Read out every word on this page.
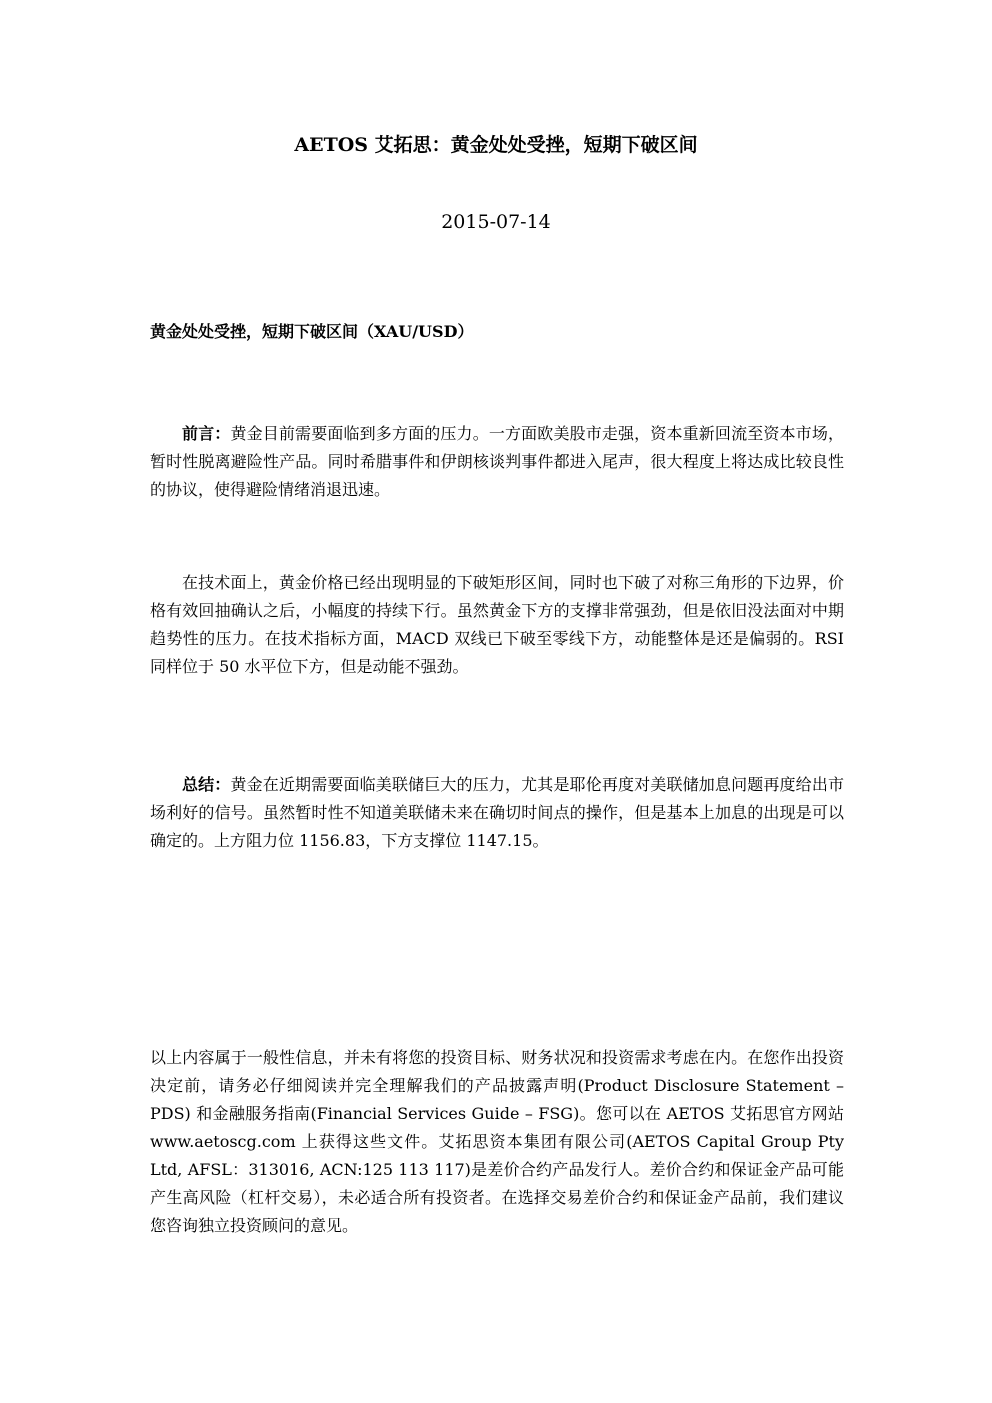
AETOS 艾拓思：黄金处处受挫，短期下破区间
2015-07-14
黄金处处受挫，短期下破区间（XAU/USD）
前言：黄金目前需要面临到多方面的压力。一方面欧美股市走强，资本重新回流至资本市场，暂时性脱离避险性产品。同时希腊事件和伊朗核谈判事件都进入尾声，很大程度上将达成比较良性的协议，使得避险情绪消退迅速。
在技术面上，黄金价格已经出现明显的下破矩形区间，同时也下破了对称三角形的下边界，价格有效回抽确认之后，小幅度的持续下行。虽然黄金下方的支撑非常强劲，但是依旧没法面对中期趋势性的压力。在技术指标方面，MACD 双线已下破至零线下方，动能整体是还是偏弱的。RSI 同样位于 50 水平位下方，但是动能不强劲。
总结：黄金在近期需要面临美联储巨大的压力，尤其是耶伦再度对美联储加息问题再度给出市场利好的信号。虽然暂时性不知道美联储未来在确切时间点的操作，但是基本上加息的出现是可以确定的。上方阻力位 1156.83，下方支撑位 1147.15。
以上内容属于一般性信息，并未有将您的投资目标、财务状况和投资需求考虑在内。在您作出投资决定前，请务必仔细阅读并完全理解我们的产品披露声明(Product Disclosure Statement – PDS) 和金融服务指南(Financial Services Guide – FSG)。您可以在 AETOS 艾拓思官方网站 www.aetoscg.com 上获得这些文件。艾拓思资本集团有限公司(AETOS Capital Group Pty Ltd, AFSL：313016, ACN:125 113 117)是差价合约产品发行人。差价合约和保证金产品可能产生高风险（杠杆交易），未必适合所有投资者。在选择交易差价合约和保证金产品前，我们建议您咨询独立投资顾问的意见。
